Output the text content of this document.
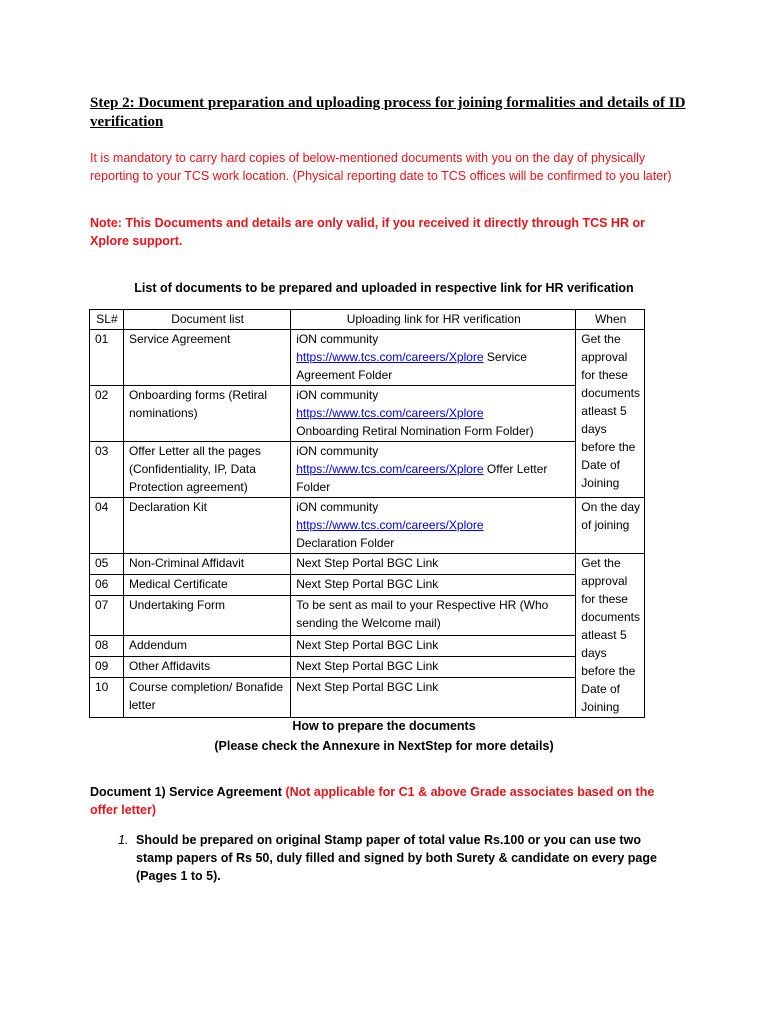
Step 2: Document preparation and uploading process for joining formalities and details of ID verification
It is mandatory to carry hard copies of below-mentioned documents with you on the day of physically reporting to your TCS work location. (Physical reporting date to TCS offices will be confirmed to you later)
Note: This Documents and details are only valid, if you received it directly through TCS HR or Xplore support.
List of documents to be prepared and uploaded in respective link for HR verification
SL#	Document list	Uploading link for HR verification	When
01	Service Agreement	iON community
https://www.tcs.com/careers/Xplore Service Agreement Folder	Get the approval for these documents atleast 5 days before the Date of Joining
02	Onboarding forms (Retiral nominations)	iON community
https://www.tcs.com/careers/Xplore
Onboarding Retiral Nomination Form Folder)	
03	Offer Letter all the pages (Confidentiality, IP, Data Protection agreement)	iON community
https://www.tcs.com/careers/Xplore Offer Letter Folder	
04	Declaration Kit	iON community
https://www.tcs.com/careers/Xplore
Declaration Folder	On the day of joining
05	Non-Criminal Affidavit	Next Step Portal BGC Link	Get the approval for these documents atleast 5 days before the Date of Joining
06	Medical Certificate	Next Step Portal BGC Link	
07	Undertaking Form	To be sent as mail to your Respective HR (Who sending the Welcome mail)	
08	Addendum	Next Step Portal BGC Link	
09	Other Affidavits	Next Step Portal BGC Link	
10	Course completion/ Bonafide letter	Next Step Portal BGC Link	
How to prepare the documents
(Please check the Annexure in NextStep for more details)
Document 1) Service Agreement (Not applicable for C1 & above Grade associates based on the offer letter)
1. Should be prepared on original Stamp paper of total value Rs.100 or you can use two stamp papers of Rs 50, duly filled and signed by both Surety & candidate on every page (Pages 1 to 5).
